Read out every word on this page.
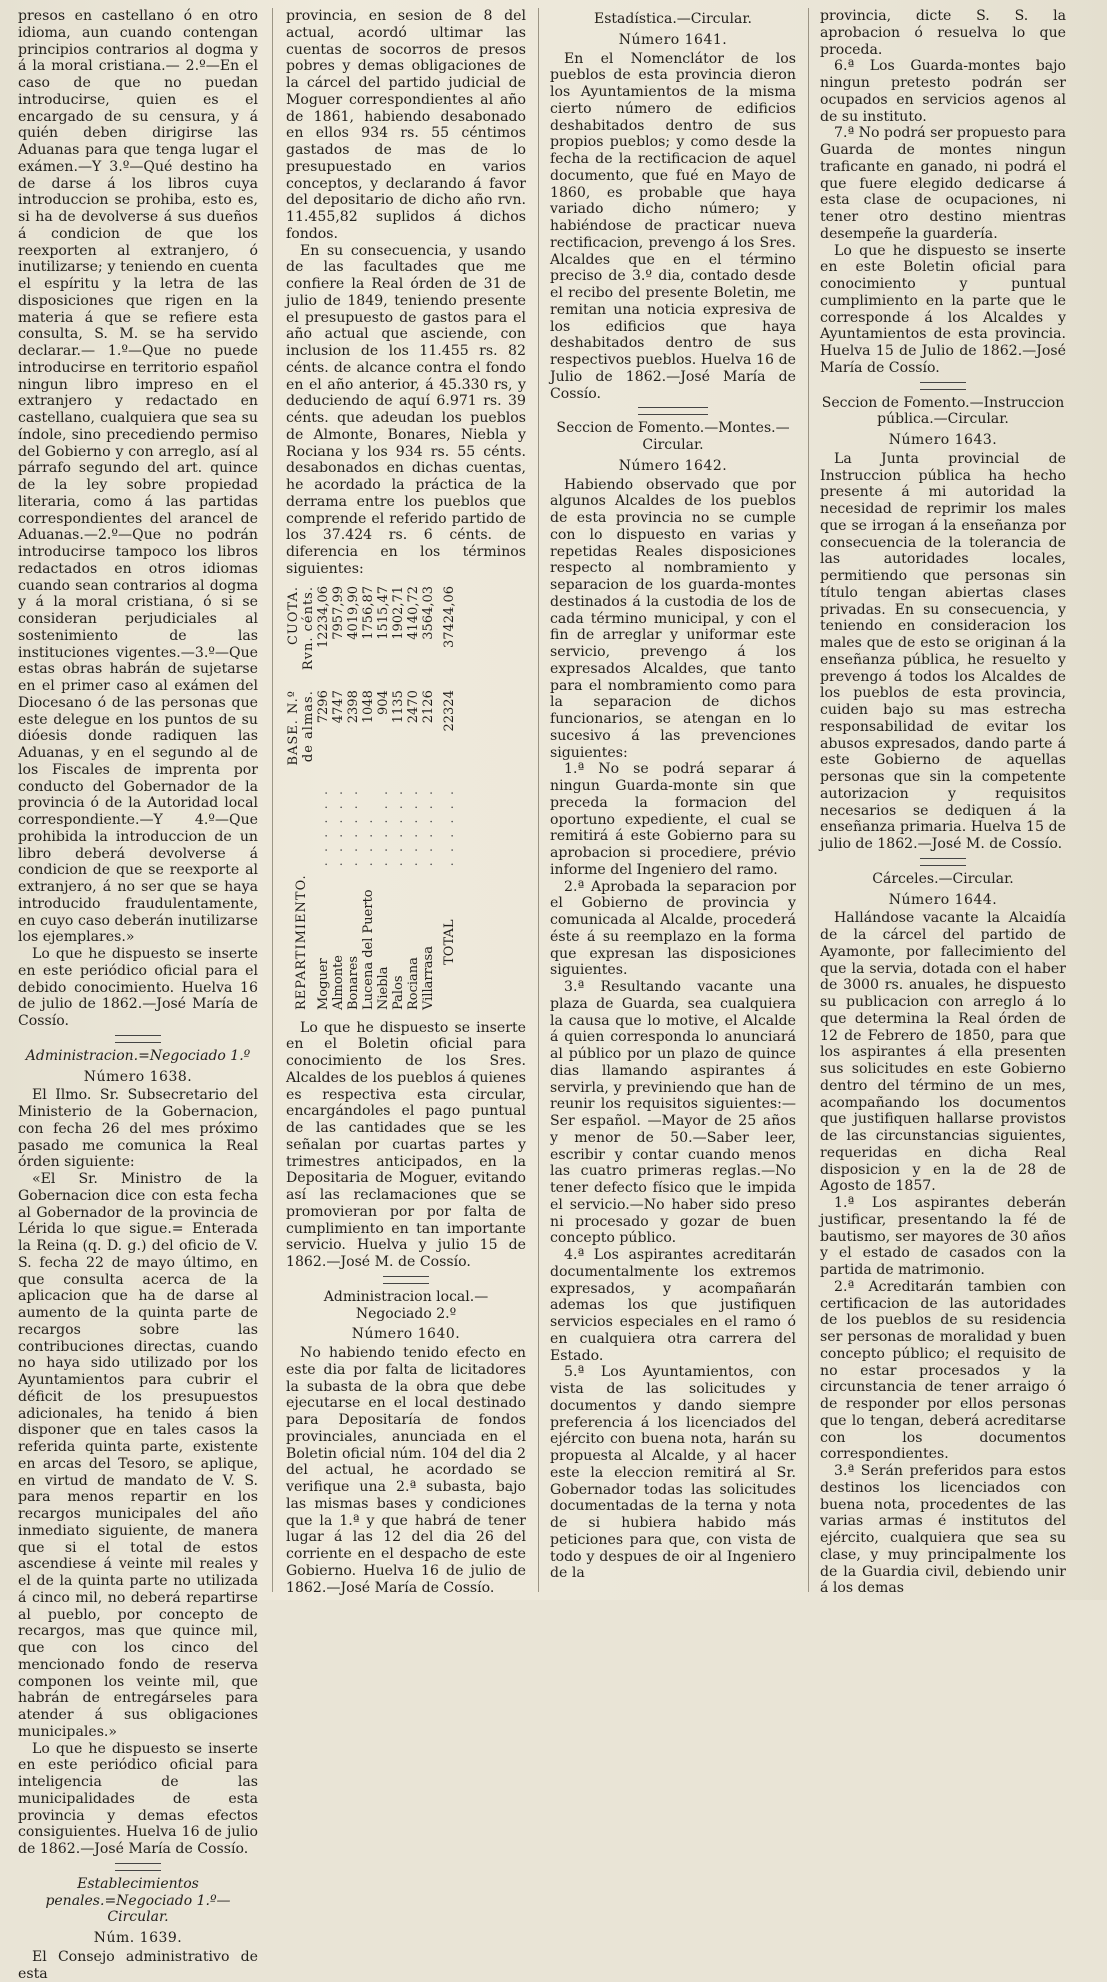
presos en castellano ó en otro idioma, aun cuando contengan principios contrarios al dogma y á la moral cristiana.— 2.º—En el caso de que no puedan introducirse, quien es el encargado de su censura, y á quién deben dirigirse las Aduanas para que tenga lugar el exámen.—Y 3.º—Qué destino ha de darse á los libros cuya introduccion se prohiba, esto es, si ha de devolverse á sus dueños á condicion de que los reexporten al extranjero, ó inutilizarse; y teniendo en cuenta el espíritu y la letra de las disposiciones que rigen en la materia á que se refiere esta consulta, S. M. se ha servido declarar.— 1.º—Que no puede introducirse en territorio español ningun libro impreso en el extranjero y redactado en castellano, cualquiera que sea su índole, sino precediendo permiso del Gobierno y con arreglo, así al párrafo segundo del art. quince de la ley sobre propiedad literaria, como á las partidas correspondientes del arancel de Aduanas.—2.º—Que no podrán introducirse tampoco los libros redactados en otros idiomas cuando sean contrarios al dogma y á la moral cristiana, ó si se consideran perjudiciales al sostenimiento de las instituciones vigentes.—3.º—Que estas obras habrán de sujetarse en el primer caso al exámen del Diocesano ó de las personas que este delegue en los puntos de su dióesis donde radiquen las Aduanas, y en el segundo al de los Fiscales de imprenta por conducto del Gobernador de la provincia ó de la Autoridad local correspondiente.—Y 4.º—Que prohibida la introduccion de un libro deberá devolverse á condicion de que se reexporte al extranjero, á no ser que se haya introducido fraudulentamente, en cuyo caso deberán inutilizarse los ejemplares.»

Lo que he dispuesto se inserte en este periódico oficial para el debido conocimiento. Huelva 16 de julio de 1862.—José María de Cossío.

Administracion.=Negociado 1.º
Número 1638.

El Ilmo. Sr. Subsecretario del Ministerio de la Gobernacion, con fecha 26 del mes próximo pasado me comunica la Real órden siguiente:

«El Sr. Ministro de la Gobernacion dice con esta fecha al Gobernador de la provincia de Lérida lo que sigue.= Enterada la Reina (q. D. g.) del oficio de V. S. fecha 22 de mayo último, en que consulta acerca de la aplicacion que ha de darse al aumento de la quinta parte de recargos sobre las contribuciones directas, cuando no haya sido utilizado por los Ayuntamientos para cubrir el déficit de los presupuestos adicionales, ha tenido á bien disponer que en tales casos la referida quinta parte, existente en arcas del Tesoro, se aplique, en virtud de mandato de V. S. para menos repartir en los recargos municipales del año inmediato siguiente, de manera que si el total de estos ascendiese á veinte mil reales y el de la quinta parte no utilizada á cinco mil, no deberá repartirse al pueblo, por concepto de recargos, mas que quince mil, que con los cinco del mencionado fondo de reserva componen los veinte mil, que habrán de entregárseles para atender á sus obligaciones municipales.»

Lo que he dispuesto se inserte en este periódico oficial para inteligencia de las municipalidades de esta provincia y demas efectos consiguientes. Huelva 16 de julio de 1862.—José María de Cossío.

Establecimientos penales.=Negociado 1.º—Circular.
Núm. 1639.

El Consejo administrativo de esta

provincia, en sesion de 8 del actual, acordó ultimar las cuentas de socorros de presos pobres y demas obligaciones de la cárcel del partido judicial de Moguer correspondientes al año de 1861, habiendo desabonado en ellos 934 rs. 55 céntimos gastados de mas de lo presupuestado en varios conceptos, y declarando á favor del depositario de dicho año rvn. 11.455,82 suplidos á dichos fondos.

En su consecuencia, y usando de las facultades que me confiere la Real órden de 31 de julio de 1849, teniendo presente el presupuesto de gastos para el año actual que asciende, con inclusion de los 11.455 rs. 82 cénts. de alcance contra el fondo en el año anterior, á 45.330 rs, y deduciendo de aquí 6.971 rs. 39 cénts. que adeudan los pueblos de Almonte, Bonares, Niebla y Rociana y los 934 rs. 55 cénts. desabonados en dichas cuentas, he acordado la práctica de la derrama entre los pueblos que comprende el referido partido de los 37.424 rs. 6 cénts. de diferencia en los términos siguientes:

REPARTIMIENTO.		BASE. N.º de almas.	CUOTA. Rvn. cénts.
Moguer	. . . . . .	7296	12234,06
Almonte	. . . . . .	4747	7957,99
Bonares	. . . . . .	2398	4019,90
Lucena del Puerto	. . . .	1048	1756,87
Niebla	. . . . . .	904	1515,47
Palos	. . . . . .	1135	1902,71
Rociana	. . . . . .	2470	4140,72
Villarrasa	. . . . . .	2126	3564,03
TOTAL	. . . . . .	22324	37424,06

Lo que he dispuesto se inserte en el Boletin oficial para conocimiento de los Sres. Alcaldes de los pueblos á quienes es respectiva esta circular, encargándoles el pago puntual de las cantidades que se les señalan por cuartas partes y trimestres anticipados, en la Depositaria de Moguer, evitando así las reclamaciones que se promovieran por por falta de cumplimiento en tan importante servicio. Huelva y julio 15 de 1862.—José M. de Cossío.

Administracion local.—Negociado 2.º
Número 1640.

No habiendo tenido efecto en este dia por falta de licitadores la subasta de la obra que debe ejecutarse en el local destinado para Depositaría de fondos provinciales, anunciada en el Boletin oficial núm. 104 del dia 2 del actual, he acordado se verifique una 2.ª subasta, bajo las mismas bases y condiciones que la 1.ª y que habrá de tener lugar á las 12 del dia 26 del corriente en el despacho de este Gobierno. Huelva 16 de julio de 1862.—José María de Cossío.

Estadística.—Circular.
Número 1641.

En el Nomenclátor de los pueblos de esta provincia dieron los Ayuntamientos de la misma cierto número de edificios deshabitados dentro de sus propios pueblos; y como desde la fecha de la rectificacion de aquel documento, que fué en Mayo de 1860, es probable que haya variado dicho número; y habiéndose de practicar nueva rectificacion, prevengo á los Sres. Alcaldes que en el término preciso de 3.º dia, contado desde el recibo del presente Boletin, me remitan una noticia expresiva de los edificios que haya deshabitados dentro de sus respectivos pueblos. Huelva 16 de Julio de 1862.—José María de Cossío.

Seccion de Fomento.—Montes.—Circular.
Número 1642.

Habiendo observado que por algunos Alcaldes de los pueblos de esta provincia no se cumple con lo dispuesto en varias y repetidas Reales disposiciones respecto al nombramiento y separacion de los guarda-montes destinados á la custodia de los de cada término municipal, y con el fin de arreglar y uniformar este servicio, prevengo á los expresados Alcaldes, que tanto para el nombramiento como para la separacion de dichos funcionarios, se atengan en lo sucesivo á las prevenciones siguientes:

1.ª No se podrá separar á ningun Guarda-monte sin que preceda la formacion del oportuno expediente, el cual se remitirá á este Gobierno para su aprobacion si procediere, prévio informe del Ingeniero del ramo.

2.ª Aprobada la separacion por el Gobierno de provincia y comunicada al Alcalde, procederá éste á su reemplazo en la forma que expresan las disposiciones siguientes.

3.ª Resultando vacante una plaza de Guarda, sea cualquiera la causa que lo motive, el Alcalde á quien corresponda lo anunciará al público por un plazo de quince dias llamando aspirantes á servirla, y previniendo que han de reunir los requisitos siguientes:—Ser español. —Mayor de 25 años y menor de 50.—Saber leer, escribir y contar cuando menos las cuatro primeras reglas.—No tener defecto físico que le impida el servicio.—No haber sido preso ni procesado y gozar de buen concepto público.

4.ª Los aspirantes acreditarán documentalmente los extremos expresados, y acompañarán ademas los que justifiquen servicios especiales en el ramo ó en cualquiera otra carrera del Estado.

5.ª Los Ayuntamientos, con vista de las solicitudes y documentos y dando siempre preferencia á los licenciados del ejército con buena nota, harán su propuesta al Alcalde, y al hacer este la eleccion remitirá al Sr. Gobernador todas las solicitudes documentadas de la terna y nota de si hubiera habido más peticiones para que, con vista de todo y despues de oir al Ingeniero de la

provincia, dicte S. S. la aprobacion ó resuelva lo que proceda.

6.ª Los Guarda-montes bajo ningun pretesto podrán ser ocupados en servicios agenos al de su instituto.

7.ª No podrá ser propuesto para Guarda de montes ningun traficante en ganado, ni podrá el que fuere elegido dedicarse á esta clase de ocupaciones, ni tener otro destino mientras desempeñe la guardería.

Lo que he dispuesto se inserte en este Boletin oficial para conocimiento y puntual cumplimiento en la parte que le corresponde á los Alcaldes y Ayuntamientos de esta provincia. Huelva 15 de Julio de 1862.—José María de Cossío.

Seccion de Fomento.—Instruccion pública.—Circular.
Número 1643.

La Junta provincial de Instruccion pública ha hecho presente á mi autoridad la necesidad de reprimir los males que se irrogan á la enseñanza por consecuencia de la tolerancia de las autoridades locales, permitiendo que personas sin título tengan abiertas clases privadas. En su consecuencia, y teniendo en consideracion los males que de esto se originan á la enseñanza pública, he resuelto y prevengo á todos los Alcaldes de los pueblos de esta provincia, cuiden bajo su mas estrecha responsabilidad de evitar los abusos expresados, dando parte á este Gobierno de aquellas personas que sin la competente autorizacion y requisitos necesarios se dediquen á la enseñanza primaria. Huelva 15 de julio de 1862.—José M. de Cossío.

Cárceles.—Circular.
Número 1644.

Hallándose vacante la Alcaidía de la cárcel del partido de Ayamonte, por fallecimiento del que la servia, dotada con el haber de 3000 rs. anuales, he dispuesto su publicacion con arreglo á lo que determina la Real órden de 12 de Febrero de 1850, para que los aspirantes á ella presenten sus solicitudes en este Gobierno dentro del término de un mes, acompañando los documentos que justifiquen hallarse provistos de las circunstancias siguientes, requeridas en dicha Real disposicion y en la de 28 de Agosto de 1857.

1.ª Los aspirantes deberán justificar, presentando la fé de bautismo, ser mayores de 30 años y el estado de casados con la partida de matrimonio.

2.ª Acreditarán tambien con certificacion de las autoridades de los pueblos de su residencia ser personas de moralidad y buen concepto público; el requisito de no estar procesados y la circunstancia de tener arraigo ó de responder por ellos personas que lo tengan, deberá acreditarse con los documentos correspondientes.

3.ª Serán preferidos para estos destinos los licenciados con buena nota, procedentes de las varias armas é institutos del ejército, cualquiera que sea su clase, y muy principalmente los de la Guardia civil, debiendo unir á los demas
